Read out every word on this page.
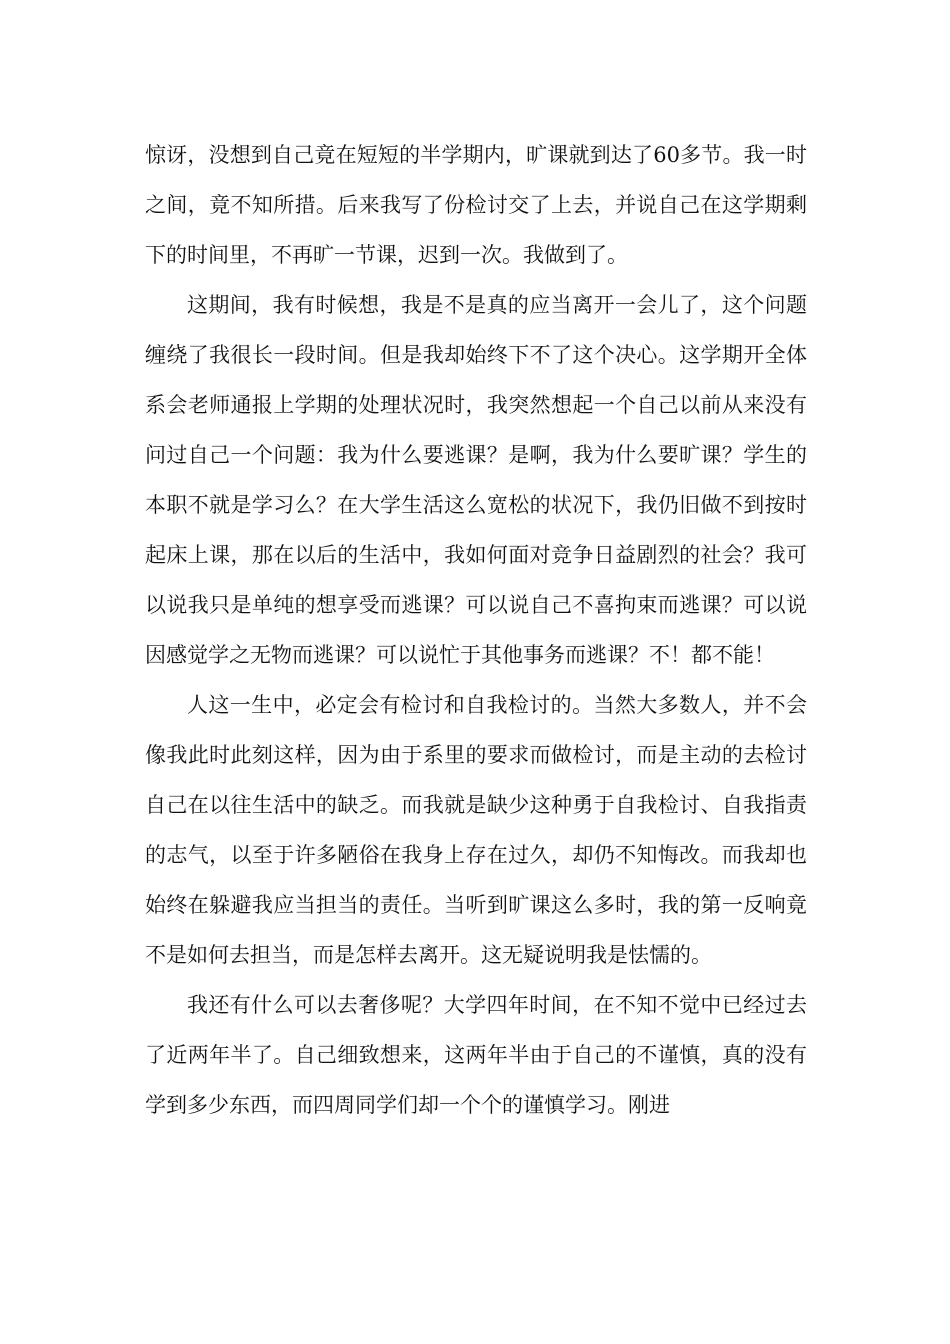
惊讶，没想到自己竟在短短的半学期内，旷课就到达了60多节。我一时之间，竟不知所措。后来我写了份检讨交了上去，并说自己在这学期剩下的时间里，不再旷一节课，迟到一次。我做到了。

这期间，我有时候想，我是不是真的应当离开一会儿了，这个问题缠绕了我很长一段时间。但是我却始终下不了这个决心。这学期开全体系会老师通报上学期的处理状况时，我突然想起一个自己以前从来没有问过自己一个问题：我为什么要逃课？是啊，我为什么要旷课？学生的本职不就是学习么？在大学生活这么宽松的状况下，我仍旧做不到按时起床上课，那在以后的生活中，我如何面对竞争日益剧烈的社会？我可以说我只是单纯的想享受而逃课？可以说自己不喜拘束而逃课？可以说因感觉学之无物而逃课？可以说忙于其他事务而逃课？不！都不能！

人这一生中，必定会有检讨和自我检讨的。当然大多数人，并不会像我此时此刻这样，因为由于系里的要求而做检讨，而是主动的去检讨自己在以往生活中的缺乏。而我就是缺少这种勇于自我检讨、自我指责的志气，以至于许多陋俗在我身上存在过久，却仍不知悔改。而我却也始终在躲避我应当担当的责任。当听到旷课这么多时，我的第一反响竟不是如何去担当，而是怎样去离开。这无疑说明我是怯懦的。

我还有什么可以去奢侈呢？大学四年时间，在不知不觉中已经过去了近两年半了。自己细致想来，这两年半由于自己的不谨慎，真的没有学到多少东西，而四周同学们却一个个的谨慎学习。刚进
